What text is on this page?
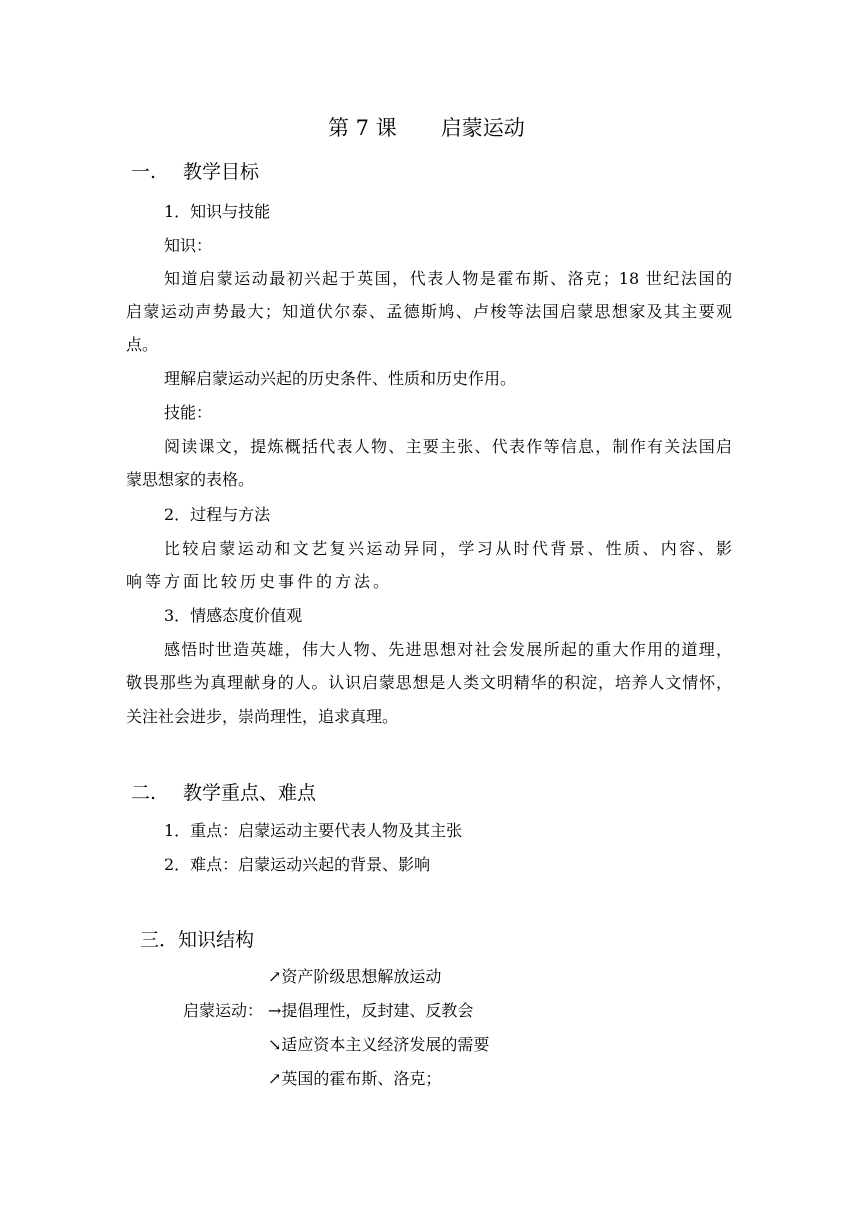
第 7 课 启蒙运动
一. 教学目标
1．知识与技能
知识：
知道启蒙运动最初兴起于英国，代表人物是霍布斯、洛克；18 世纪法国的
启蒙运动声势最大；知道伏尔泰、孟德斯鸠、卢梭等法国启蒙思想家及其主要观
点。
理解启蒙运动兴起的历史条件、性质和历史作用。
技能：
阅读课文，提炼概括代表人物、主要主张、代表作等信息，制作有关法国启
蒙思想家的表格。
2．过程与方法
比较启蒙运动和文艺复兴运动异同，学习从时代背景、性质、内容、影
响等方面比较历史事件的方法。
3．情感态度价值观
感悟时世造英雄，伟大人物、先进思想对社会发展所起的重大作用的道理，
敬畏那些为真理献身的人。认识启蒙思想是人类文明精华的积淀，培养人文情怀，
关注社会进步，崇尚理性，追求真理。
二. 教学重点、难点
1．重点：启蒙运动主要代表人物及其主张
2．难点：启蒙运动兴起的背景、影响
三．知识结构
↗资产阶级思想解放运动
启蒙运动： →提倡理性，反封建、反教会
↘适应资本主义经济发展的需要
↗英国的霍布斯、洛克；
